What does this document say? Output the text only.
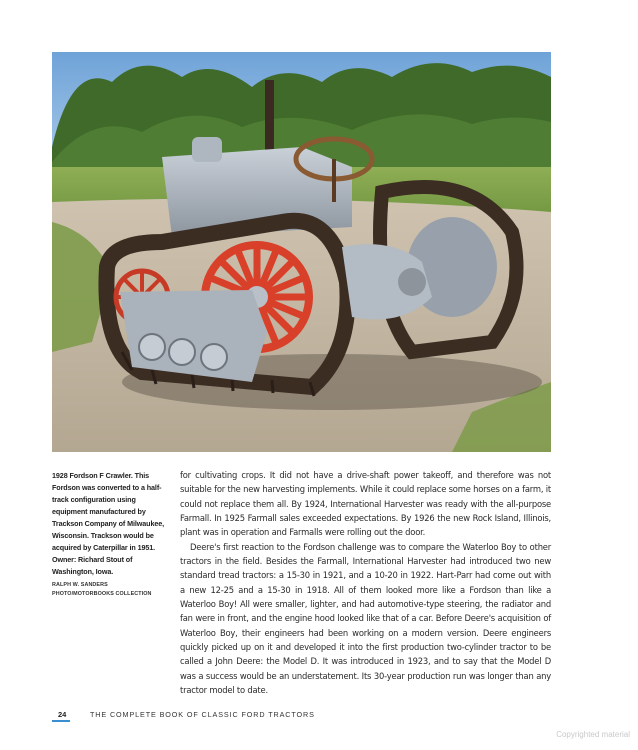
1928 Fordson F Crawler. This Fordson was converted to a half-track configuration using equipment manufactured by Trackson Company of Milwaukee, Wisconsin. Trackson would be acquired by Caterpillar in 1951. Owner: Richard Stout of Washington, Iowa.
RALPH W. SANDERS PHOTO/MOTORBOOKS COLLECTION

for cultivating crops. It did not have a drive-shaft power takeoff, and therefore was not suitable for the new harvesting implements. While it could replace some horses on a farm, it could not replace them all. By 1924, International Harvester was ready with the all-purpose Farmall. In 1925 Farmall sales exceeded expectations. By 1926 the new Rock Island, Illinois, plant was in operation and Farmalls were rolling out the door.

Deere's first reaction to the Fordson challenge was to compare the Waterloo Boy to other tractors in the field. Besides the Farmall, International Harvester had introduced two new standard tread tractors: a 15-30 in 1921, and a 10-20 in 1922. Hart-Parr had come out with a new 12-25 and a 15-30 in 1918. All of them looked more like a Fordson than like a Waterloo Boy! All were smaller, lighter, and had automotive-type steering, the radiator and fan were in front, and the engine hood looked like that of a car. Before Deere's acquisition of Waterloo Boy, their engineers had been working on a modern version. Deere engineers quickly picked up on it and developed it into the first production two-cylinder tractor to be called a John Deere: the Model D. It was introduced in 1923, and to say that the Model D was a success would be an understatement. Its 30-year production run was longer than any tractor model to date.

24	THE COMPLETE BOOK OF CLASSIC FORD TRACTORS
Copyrighted material
